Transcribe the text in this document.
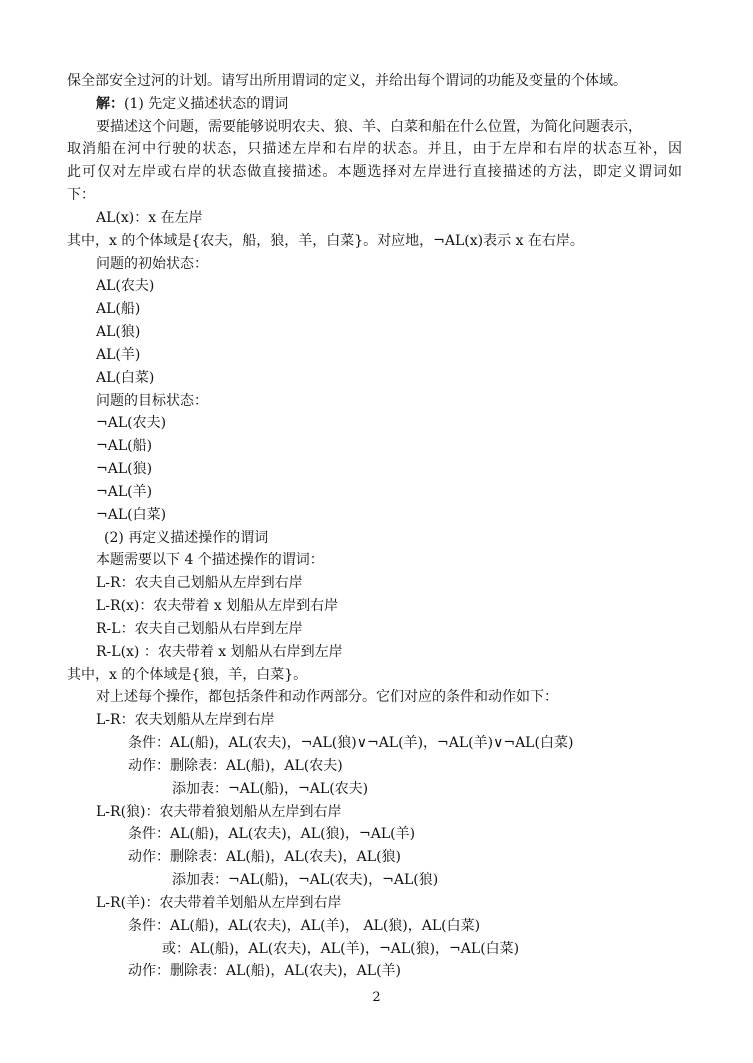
保全部安全过河的计划。请写出所用谓词的定义，并给出每个谓词的功能及变量的个体域。
解：(1) 先定义描述状态的谓词
要描述这个问题，需要能够说明农夫、狼、羊、白菜和船在什么位置，为简化问题表示，
取消船在河中行驶的状态，只描述左岸和右岸的状态。并且，由于左岸和右岸的状态互补，因
此可仅对左岸或右岸的状态做直接描述。本题选择对左岸进行直接描述的方法，即定义谓词如
下：
AL(x)：x 在左岸
其中，x 的个体域是{农夫，船，狼，羊，白菜}。对应地，¬AL(x)表示 x 在右岸。
问题的初始状态：
AL(农夫)
AL(船)
AL(狼)
AL(羊)
AL(白菜)
问题的目标状态：
¬AL(农夫)
¬AL(船)
¬AL(狼)
¬AL(羊)
¬AL(白菜)
(2) 再定义描述操作的谓词
本题需要以下 4 个描述操作的谓词：
L-R：农夫自己划船从左岸到右岸
L-R(x)：农夫带着 x 划船从左岸到右岸
R-L：农夫自己划船从右岸到左岸
R-L(x) ：农夫带着 x 划船从右岸到左岸
其中，x 的个体域是{狼，羊，白菜}。
对上述每个操作，都包括条件和动作两部分。它们对应的条件和动作如下：
L-R：农夫划船从左岸到右岸
条件：AL(船)，AL(农夫)，¬AL(狼)∨¬AL(羊)，¬AL(羊)∨¬AL(白菜)
动作：删除表：AL(船)，AL(农夫)
添加表：¬AL(船)，¬AL(农夫)
L-R(狼)：农夫带着狼划船从左岸到右岸
条件：AL(船)，AL(农夫)，AL(狼)，¬AL(羊)
动作：删除表：AL(船)，AL(农夫)，AL(狼)
添加表：¬AL(船)，¬AL(农夫)，¬AL(狼)
L-R(羊)：农夫带着羊划船从左岸到右岸
条件：AL(船)，AL(农夫)，AL(羊)， AL(狼)，AL(白菜)
或：AL(船)，AL(农夫)，AL(羊)，¬AL(狼)，¬AL(白菜)
动作：删除表：AL(船)，AL(农夫)，AL(羊)
2
